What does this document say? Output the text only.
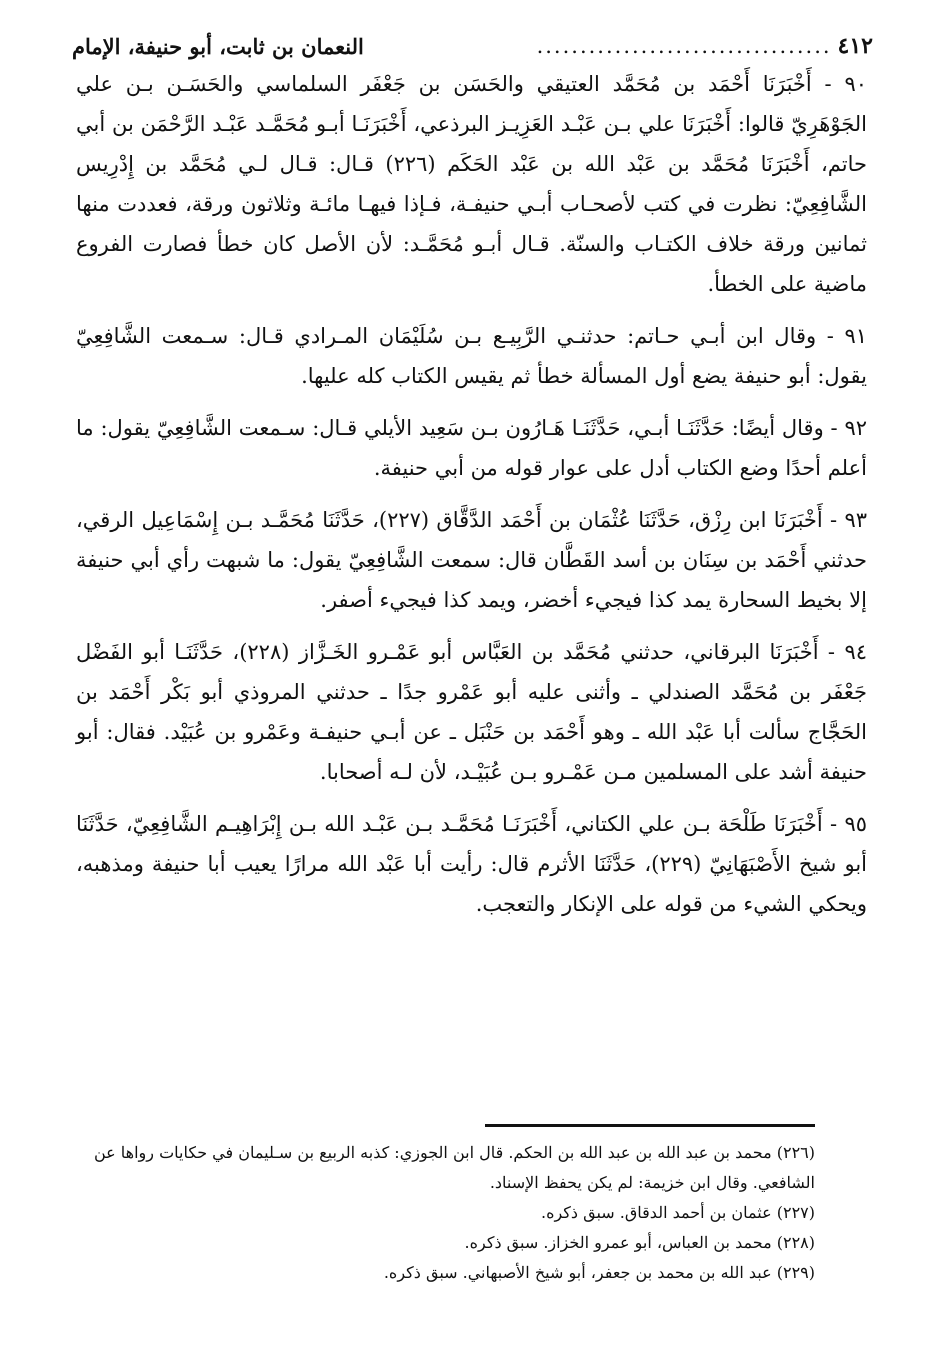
٤١٢
..................................
النعمان بن ثابت، أبو حنيفة، الإمام

٩٠ - أَخْبَرَنَا أَحْمَد بن مُحَمَّد العتيقي والحَسَن بن جَعْفَر السلماسي والحَسَـن بـن علي الجَوْهَرِيّ قالوا: أَخْبَرَنَا علي بـن عَبْـد العَزِيـز البرذعي، أَخْبَرَنَـا أبـو مُحَمَّـد عَبْـد الرَّحْمَن بن أبي حاتم، أَخْبَرَنَا مُحَمَّد بن عَبْد الله بن عَبْد الحَكَم (٢٢٦) قـال: قـال لـي مُحَمَّد بن إِدْرِيس الشَّافِعِيّ: نظرت في كتب لأصحـاب أبـي حنيفـة، فـإذا فيهـا مائـة وثلاثون ورقة، فعددت منها ثمانين ورقة خلاف الكتـاب والسنّة. قـال أبـو مُحَمَّـد: لأن الأصل كان خطأ فصارت الفروع ماضية على الخطأ.

٩١ - وقال ابن أبـي حـاتم: حدثنـي الرَّبِيـع بـن سُلَيْمَان المـرادي قـال: سـمعت الشَّافِعِيّ يقول: أبو حنيفة يضع أول المسألة خطأ ثم يقيس الكتاب كله عليها.

٩٢ - وقال أيضًا: حَدَّثَنَـا أبـي، حَدَّثَنَـا هَـارُون بـن سَعِيد الأيلي قـال: سـمعت الشَّافِعِيّ يقول: ما أعلم أحدًا وضع الكتاب أدل على عوار قوله من أبي حنيفة.

٩٣ - أَخْبَرَنَا ابن رِزْق، حَدَّثَنَا عُثْمَان بن أَحْمَد الدَّقَّاق (٢٢٧)، حَدَّثَنَا مُحَمَّـد بـن إِسْمَاعِيل الرقي، حدثني أَحْمَد بن سِنَان بن أسد القَطَّان قال: سمعت الشَّافِعِيّ يقول: ما شبهت رأي أبي حنيفة إلا بخيط السحارة يمد كذا فيجيء أخضر، ويمد كذا فيجيء أصفر.

٩٤ - أَخْبَرَنَا البرقاني، حدثني مُحَمَّد بن العَبَّاس أبو عَمْـرو الخَـزَّاز (٢٢٨)، حَدَّثَنَـا أبو الفَضْل جَعْفَر بن مُحَمَّد الصندلي ـ وأثنى عليه أبو عَمْرو جدًا ـ حدثني المروذي أبو بَكْر أَحْمَد بن الحَجَّاج سألت أبا عَبْد الله ـ وهو أَحْمَد بن حَنْبَل ـ عن أبـي حنيفـة وعَمْرو بن عُبَيْد. فقال: أبو حنيفة أشد على المسلمين مـن عَمْـرو بـن عُبَيْـد، لأن لـه أصحابا.

٩٥ - أَخْبَرَنَا طَلْحَة بـن علي الكتاني، أَخْبَرَنَـا مُحَمَّـد بـن عَبْـد الله بـن إِبْرَاهِيـم الشَّافِعِيّ، حَدَّثَنَا أبو شيخ الأَصْبَهَانِيّ (٢٢٩)، حَدَّثَنَا الأثرم قال: رأيت أبا عَبْد الله مرارًا يعيب أبا حنيفة ومذهبه، ويحكي الشيء من قوله على الإنكار والتعجب.

(٢٢٦) محمد بن عبد الله بن عبد الله بن الحكم. قال ابن الجوزي: كذبه الربيع بن سـليمان في حكايات رواها عن الشافعي. وقال ابن خزيمة: لم يكن يحفظ الإسناد.
(٢٢٧) عثمان بن أحمد الدقاق. سبق ذكره.
(٢٢٨) محمد بن العباس، أبو عمرو الخزاز. سبق ذكره.
(٢٢٩) عبد الله بن محمد بن جعفر، أبو شيخ الأصبهاني. سبق ذكره.
